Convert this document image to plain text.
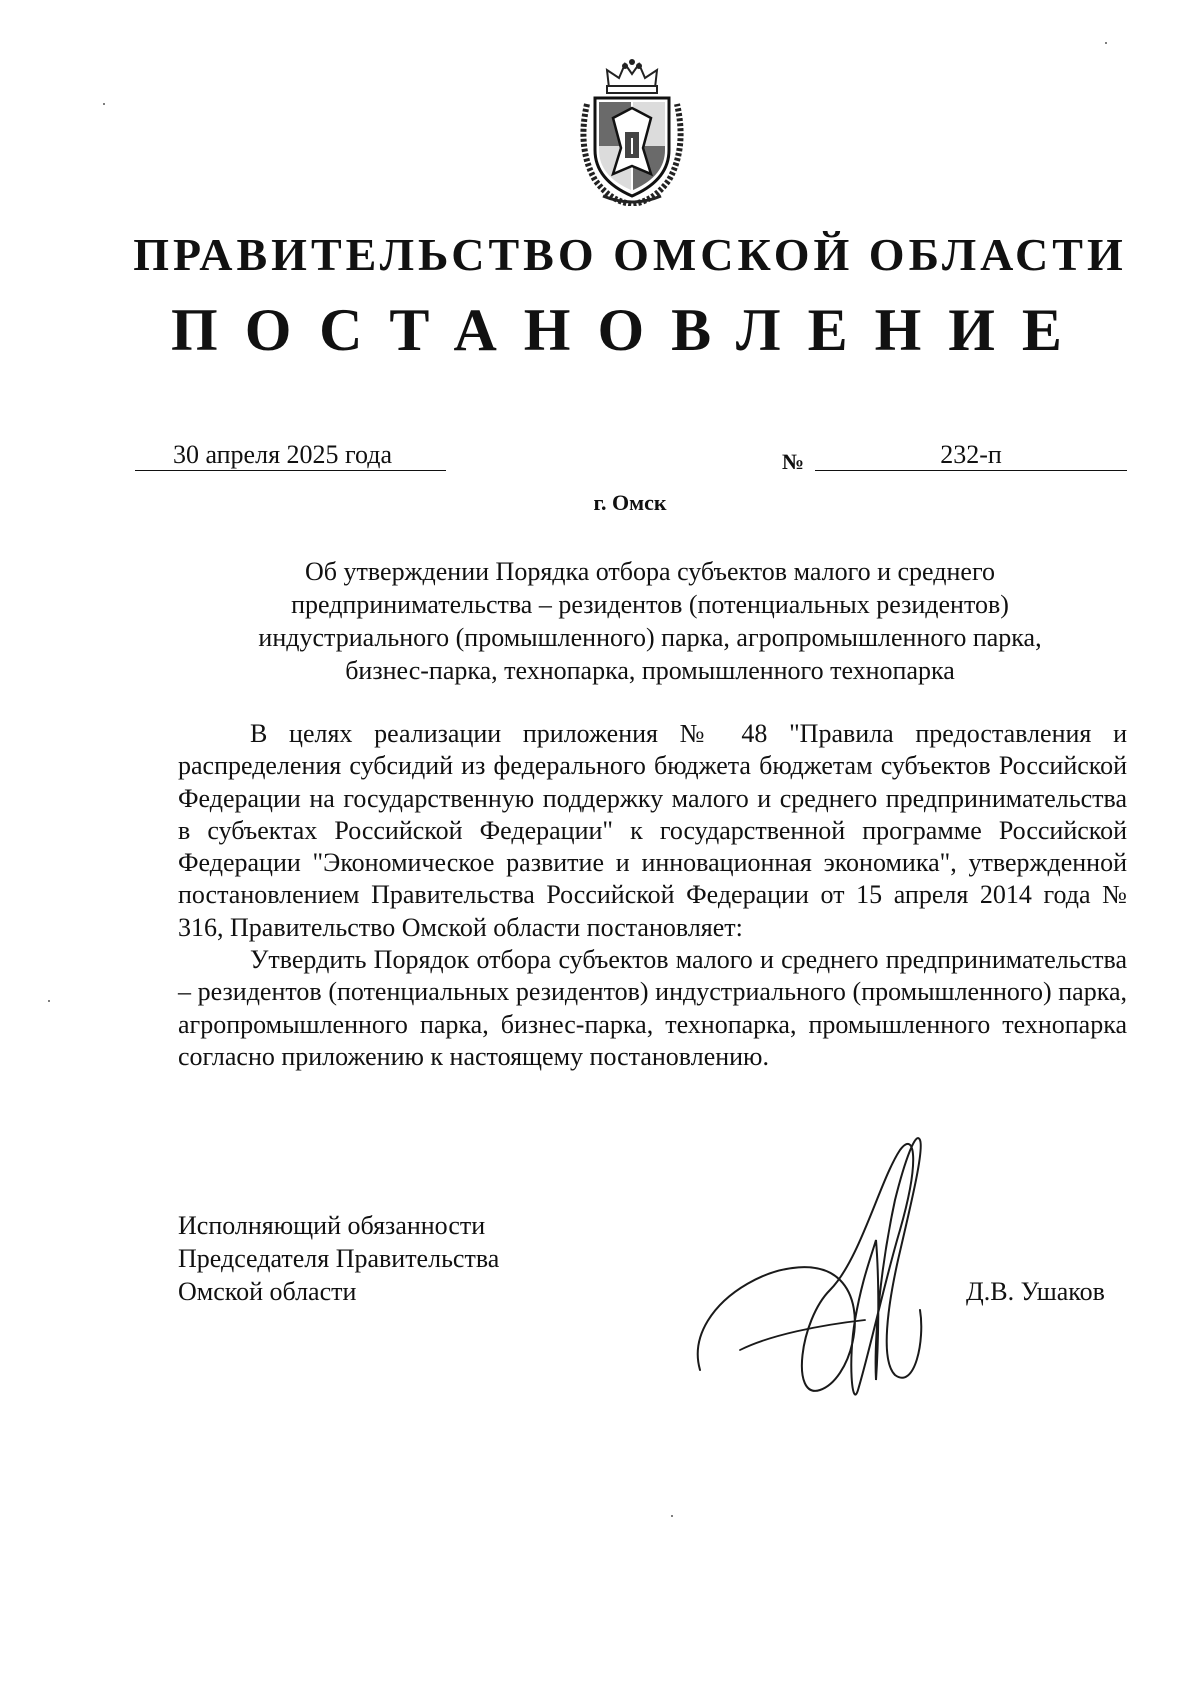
ПРАВИТЕЛЬСТВО ОМСКОЙ ОБЛАСТИ
ПОСТАНОВЛЕНИЕ
30 апреля 2025 года	№	232-п
г. Омск
Об утверждении Порядка отбора субъектов малого и среднего предпринимательства – резидентов (потенциальных резидентов) индустриального (промышленного) парка, агропромышленного парка, бизнес-парка, технопарка, промышленного технопарка

В целях реализации приложения № 48 "Правила предоставления и распределения субсидий из федерального бюджета бюджетам субъектов Российской Федерации на государственную поддержку малого и среднего предпринимательства в субъектах Российской Федерации" к государственной программе Российской Федерации "Экономическое развитие и инновационная экономика", утвержденной постановлением Правительства Российской Федерации от 15 апреля 2014 года № 316, Правительство Омской области постановляет:

Утвердить Порядок отбора субъектов малого и среднего предпринимательства – резидентов (потенциальных резидентов) индустриального (промышленного) парка, агропромышленного парка, бизнес-парка, технопарка, промышленного технопарка согласно приложению к настоящему постановлению.

Исполняющий обязанности
Председателя Правительства
Омской области	Д.В. Ушаков
